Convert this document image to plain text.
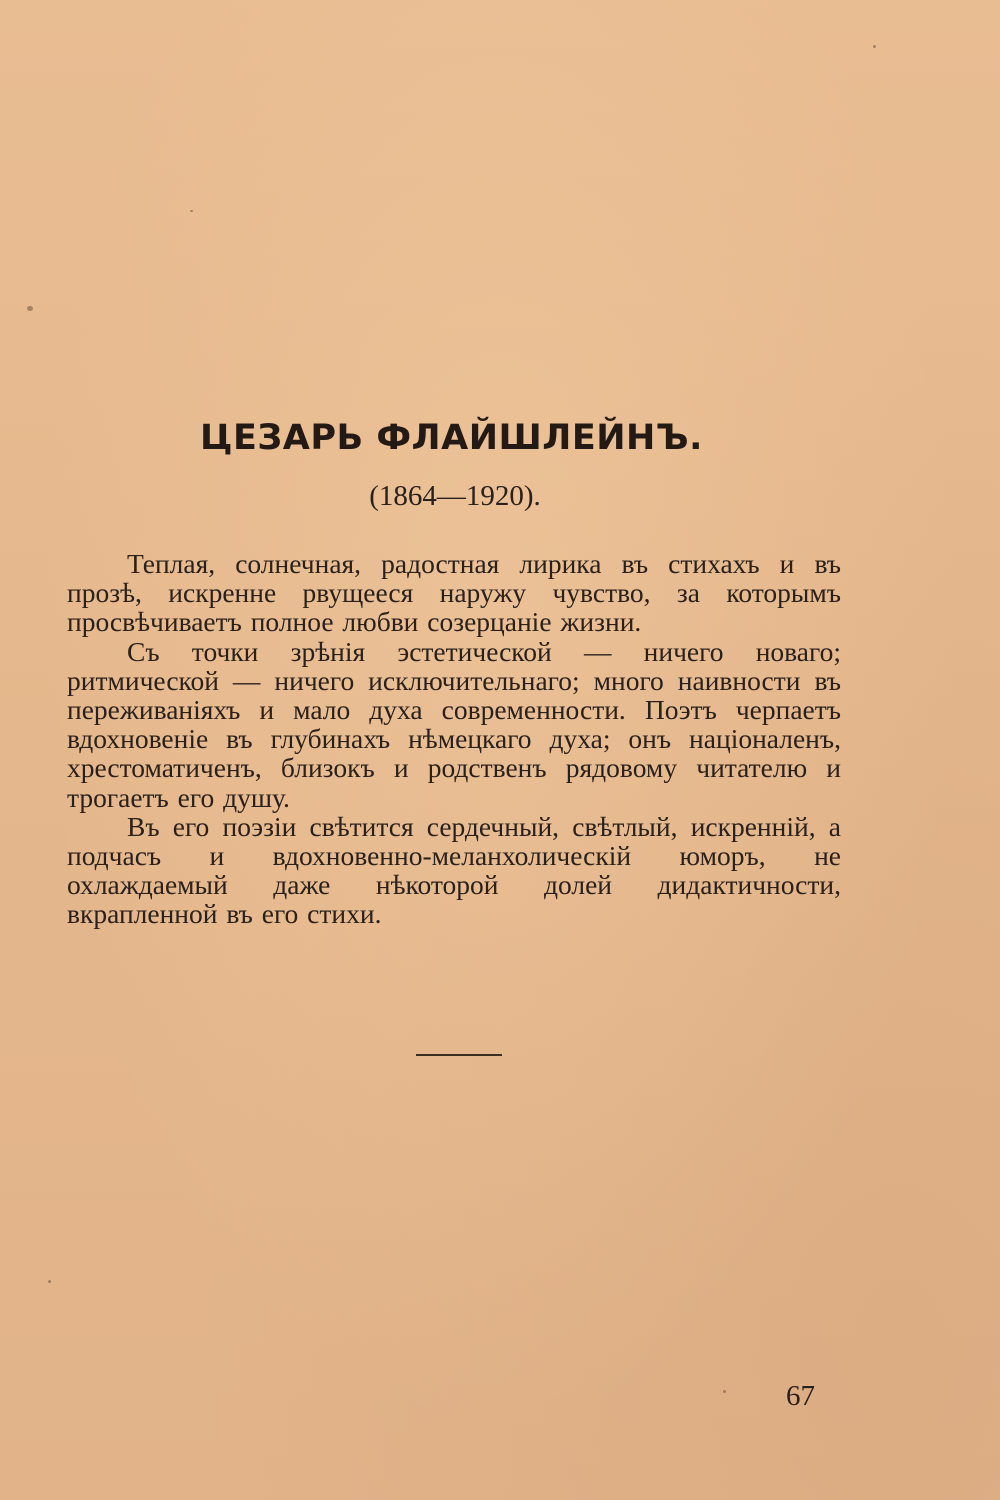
ЦЕЗАРЬ ФЛАЙШЛЕЙНЪ.

(1864—1920).

Теплая, солнечная, радостная лирика въ стихахъ и въ прозѣ, искренне рвущееся наружу чувство, за которымъ просвѣчиваетъ полное любви созерцаніе жизни.

Съ точки зрѣнія эстетической — ничего новаго; ритмической — ничего исключительнаго; много наивности въ переживаніяхъ и мало духа современности. Поэтъ черпаетъ вдохновеніе въ глубинахъ нѣмецкаго духа; онъ націоналенъ, хрестоматиченъ, близокъ и родственъ рядовому читателю и трогаетъ его душу.

Въ его поэзіи свѣтится сердечный, свѣтлый, искренній, а подчасъ и вдохновенно-меланхолическій юморъ, не охлаждаемый даже нѣкоторой долей дидактичности, вкрапленной въ его стихи.

67
